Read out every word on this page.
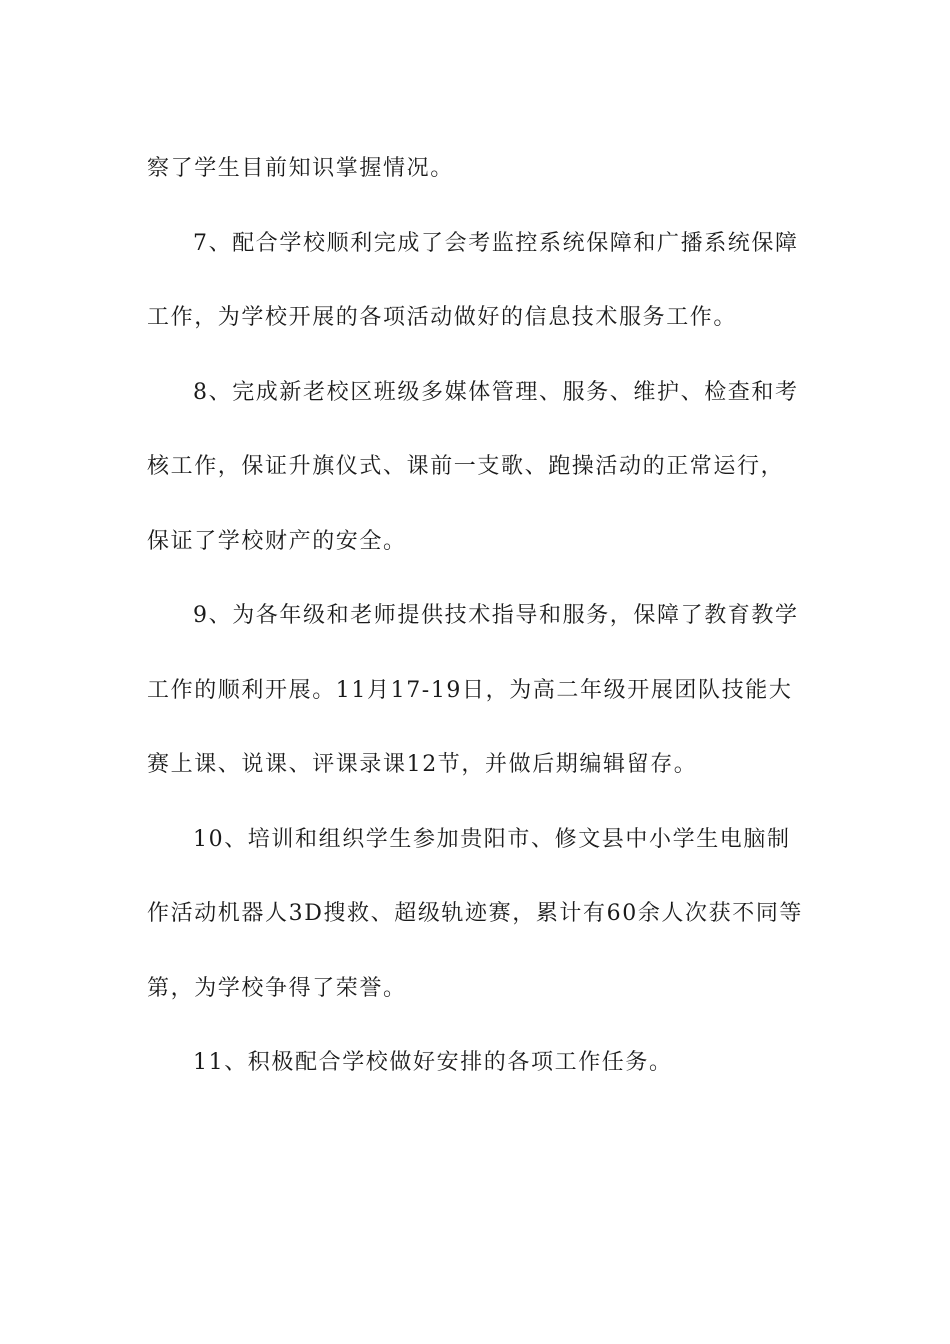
察了学生目前知识掌握情况。

7、配合学校顺利完成了会考监控系统保障和广播系统保障工作，为学校开展的各项活动做好的信息技术服务工作。

8、完成新老校区班级多媒体管理、服务、维护、检查和考核工作，保证升旗仪式、课前一支歌、跑操活动的正常运行，保证了学校财产的安全。

9、为各年级和老师提供技术指导和服务，保障了教育教学工作的顺利开展。11月17-19日，为高二年级开展团队技能大赛上课、说课、评课录课12节，并做后期编辑留存。

10、培训和组织学生参加贵阳市、修文县中小学生电脑制作活动机器人3D搜救、超级轨迹赛，累计有60余人次获不同等第，为学校争得了荣誉。

11、积极配合学校做好安排的各项工作任务。
